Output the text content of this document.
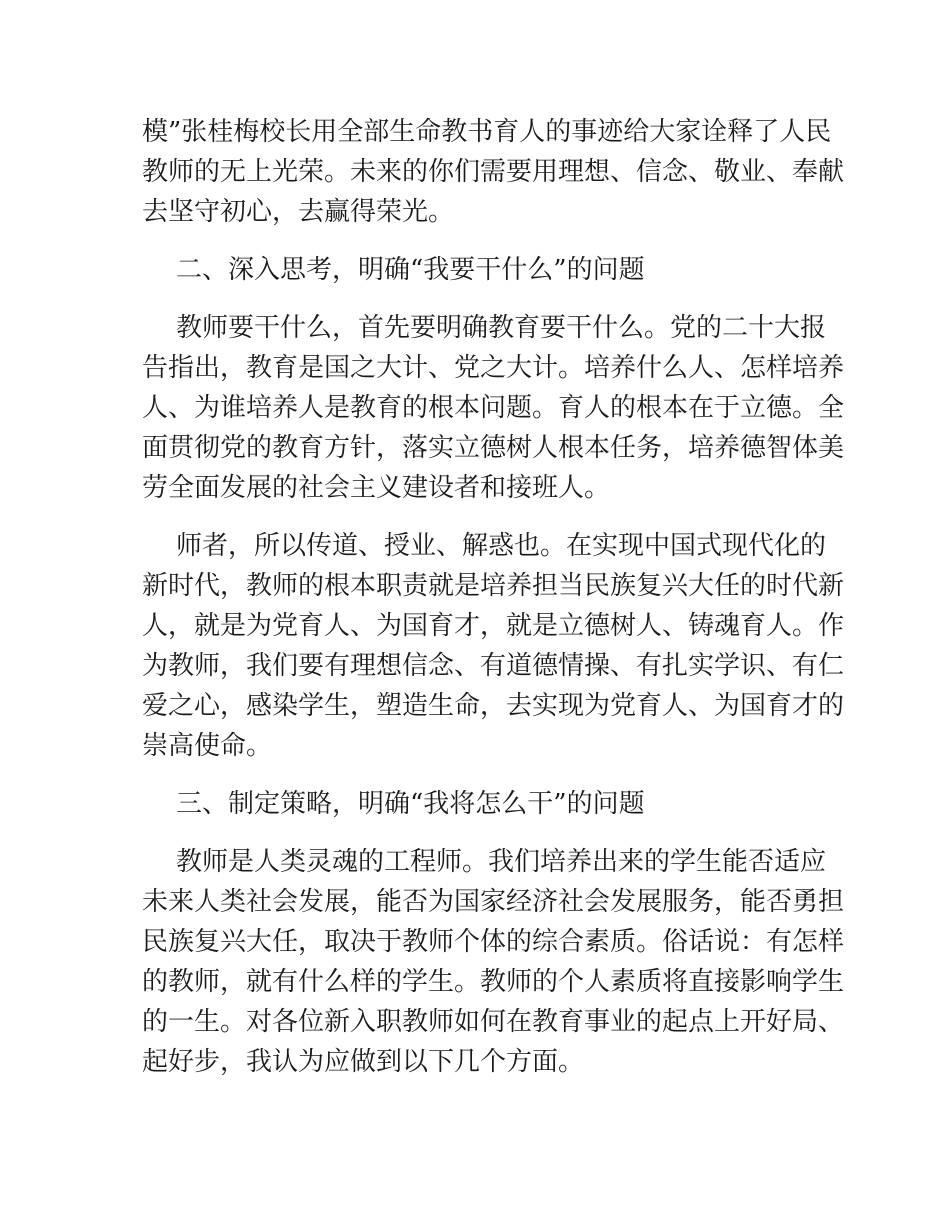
模”张桂梅校长用全部生命教书育人的事迹给大家诠释了人民
教师的无上光荣。未来的你们需要用理想、信念、敬业、奉献
去坚守初心，去赢得荣光。
二、深入思考，明确“我要干什么”的问题
教师要干什么，首先要明确教育要干什么。党的二十大报
告指出，教育是国之大计、党之大计。培养什么人、怎样培养
人、为谁培养人是教育的根本问题。育人的根本在于立德。全
面贯彻党的教育方针，落实立德树人根本任务，培养德智体美
劳全面发展的社会主义建设者和接班人。
师者，所以传道、授业、解惑也。在实现中国式现代化的
新时代，教师的根本职责就是培养担当民族复兴大任的时代新
人，就是为党育人、为国育才，就是立德树人、铸魂育人。作
为教师，我们要有理想信念、有道德情操、有扎实学识、有仁
爱之心，感染学生，塑造生命，去实现为党育人、为国育才的
崇高使命。
三、制定策略，明确“我将怎么干”的问题
教师是人类灵魂的工程师。我们培养出来的学生能否适应
未来人类社会发展，能否为国家经济社会发展服务，能否勇担
民族复兴大任，取决于教师个体的综合素质。俗话说：有怎样
的教师，就有什么样的学生。教师的个人素质将直接影响学生
的一生。对各位新入职教师如何在教育事业的起点上开好局、
起好步，我认为应做到以下几个方面。
